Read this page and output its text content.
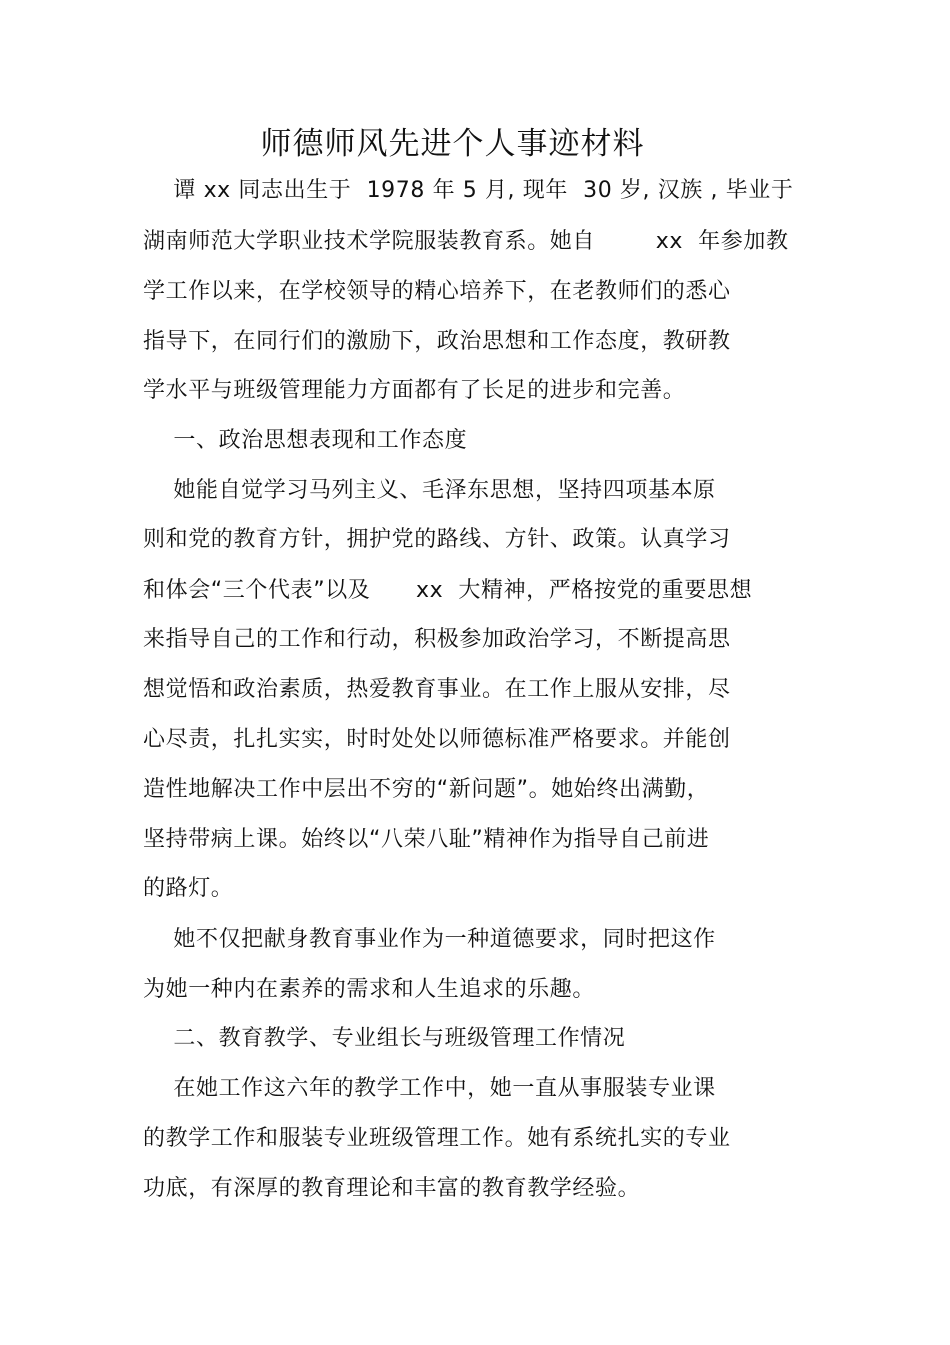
师德师风先进个人事迹材料
谭 xx 同志出生于  1978 年 5 月, 现年  30 岁, 汉族 , 毕业于
湖南师范大学职业技术学院服装教育系。她自        xx  年参加教
学工作以来，在学校领导的精心培养下，在老教师们的悉心
指导下，在同行们的激励下，政治思想和工作态度，教研教
学水平与班级管理能力方面都有了长足的进步和完善。
一、政治思想表现和工作态度
她能自觉学习马列主义、毛泽东思想，坚持四项基本原
则和党的教育方针，拥护党的路线、方针、政策。认真学习
和体会“三个代表”以及      xx  大精神，严格按党的重要思想
来指导自己的工作和行动，积极参加政治学习，不断提高思
想觉悟和政治素质，热爱教育事业。在工作上服从安排，尽
心尽责，扎扎实实，时时处处以师德标准严格要求。并能创
造性地解决工作中层出不穷的“新问题”。她始终出满勤，
坚持带病上课。始终以“八荣八耻”精神作为指导自己前进
的路灯。
她不仅把献身教育事业作为一种道德要求，同时把这作
为她一种内在素养的需求和人生追求的乐趣。
二、教育教学、专业组长与班级管理工作情况
在她工作这六年的教学工作中，她一直从事服装专业课
的教学工作和服装专业班级管理工作。她有系统扎实的专业
功底，有深厚的教育理论和丰富的教育教学经验。
